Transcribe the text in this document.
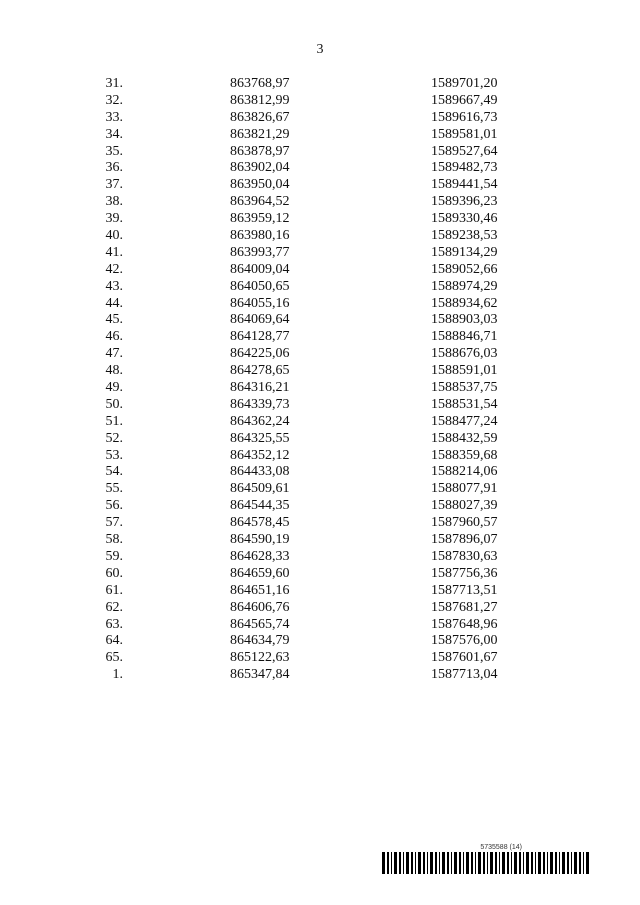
3
31.	863768,97	1589701,20
32.	863812,99	1589667,49
33.	863826,67	1589616,73
34.	863821,29	1589581,01
35.	863878,97	1589527,64
36.	863902,04	1589482,73
37.	863950,04	1589441,54
38.	863964,52	1589396,23
39.	863959,12	1589330,46
40.	863980,16	1589238,53
41.	863993,77	1589134,29
42.	864009,04	1589052,66
43.	864050,65	1588974,29
44.	864055,16	1588934,62
45.	864069,64	1588903,03
46.	864128,77	1588846,71
47.	864225,06	1588676,03
48.	864278,65	1588591,01
49.	864316,21	1588537,75
50.	864339,73	1588531,54
51.	864362,24	1588477,24
52.	864325,55	1588432,59
53.	864352,12	1588359,68
54.	864433,08	1588214,06
55.	864509,61	1588077,91
56.	864544,35	1588027,39
57.	864578,45	1587960,57
58.	864590,19	1587896,07
59.	864628,33	1587830,63
60.	864659,60	1587756,36
61.	864651,16	1587713,51
62.	864606,76	1587681,27
63.	864565,74	1587648,96
64.	864634,79	1587576,00
65.	865122,63	1587601,67
1.	865347,84	1587713,04
5735588 (14)
